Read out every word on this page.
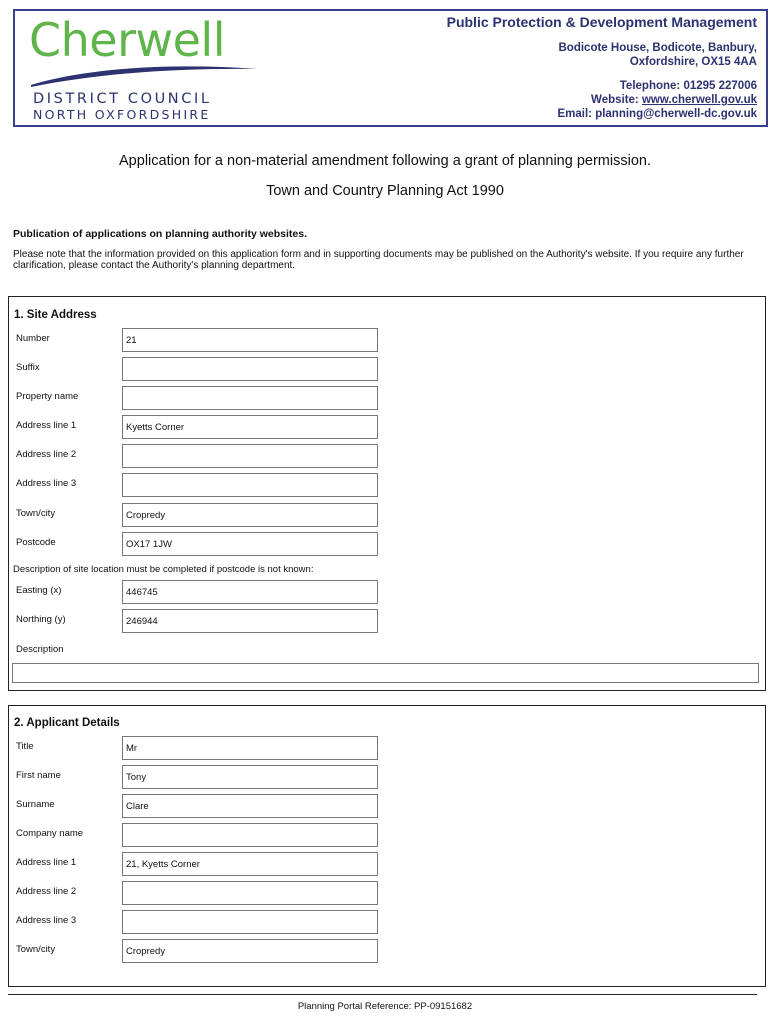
Cherwell
DISTRICT COUNCIL
NORTH OXFORDSHIRE
Public Protection & Development Management
Bodicote House, Bodicote, Banbury,
Oxfordshire, OX15 4AA
Telephone: 01295 227006
Website: www.cherwell.gov.uk
Email: planning@cherwell-dc.gov.uk
Application for a non-material amendment following a grant of planning permission.
Town and Country Planning Act 1990
Publication of applications on planning authority websites.
Please note that the information provided on this application form and in supporting documents may be published on the Authority's website. If you require any further clarification, please contact the Authority's planning department.
1. Site Address
Number	21
Suffix
Property name
Address line 1	Kyetts Corner
Address line 2
Address line 3
Town/city	Cropredy
Postcode	OX17 1JW
Description of site location must be completed if postcode is not known:
Easting (x)	446745
Northing (y)	246944
Description
2. Applicant Details
Title	Mr
First name	Tony
Surname	Clare
Company name
Address line 1	21, Kyetts Corner
Address line 2
Address line 3
Town/city	Cropredy
Planning Portal Reference: PP-09151682
